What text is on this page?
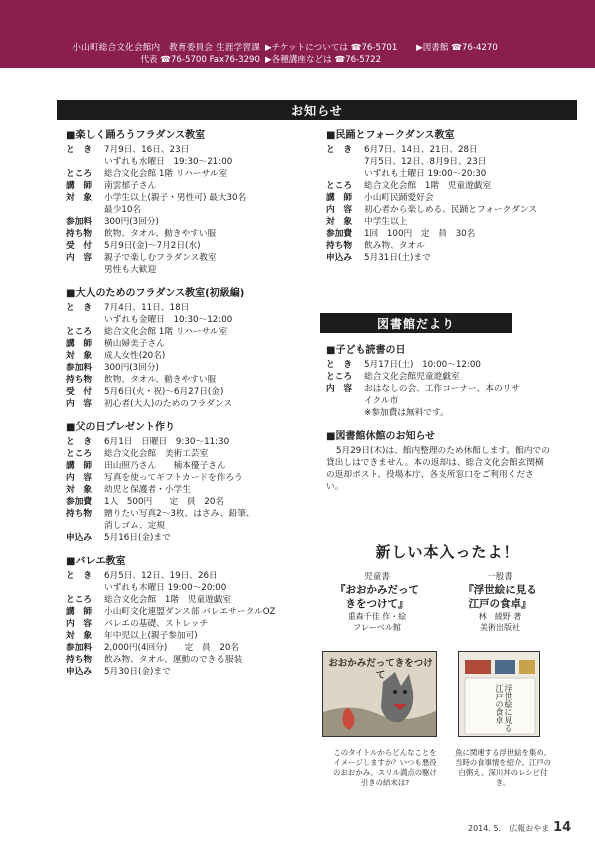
小山町総合文化会館内　教育委員会 生涯学習課
代表 ☎76-5700 Fax76-3290
▶チケットについては ☎76-5701 ▶図書館 ☎76-4270
▶各種講座などは ☎76-5722
お知らせ
■ 楽しく踊ろうフラダンス教室
と　き	7月9日、16日、23日
いずれも水曜日　19:30〜21:00
ところ	総合文化会館 1階 リハーサル室
講　師	南雲郁子さん
対　象	小学生以上(親子・男性可) 最大30名
最少10名
参加料	300円(3回分)
持ち物	飲物、タオル、動きやすい服
受　付	5月9日(金)〜7月2日(水)
内　容	親子で楽しむフラダンス教室
男性も大歓迎
■ 大人のためのフラダンス教室(初級編)
と　き	7月4日、11日、18日
いずれも金曜日　10:30〜12:00
ところ	総合文化会館 1階 リハーサル室
講　師	横山婦美子さん
対　象	成人女性(20名)
参加料	300円(3回分)
持ち物	飲物、タオル、動きやすい服
受　付	5月6日(火・祝)〜6月27日(金)
内　容	初心者(大人)のためのフラダンス
■ 父の日プレゼント作り
と　き	6月1日　日曜日　9:30〜11:30
ところ	総合文化会館　美術工芸室
講　師	田山照乃さん　　楠本優子さん
内　容	写真を使ってギフトカードを作ろう
対　象	幼児と保護者・小学生
参加費	1人　500円　　定　員　20名
持ち物	贈りたい写真2〜3枚、はさみ、鉛筆、
消しゴム、定規
申込み	5月16日(金)まで
■ バレエ教室
と　き	6月5日、12日、19日、26日
いずれも木曜日 19:00〜20:00
ところ	総合文化会館　1階　児童遊戯室
講　師	小山町文化連盟ダンス部 バレエサークルOZ
内　容	バレエの基礎、ストレッチ
対　象	年中児以上(親子参加可)
参加料	2,000円(4回分)　　定　員　20名
持ち物	飲み物、タオル、運動のできる服装
申込み	5月30日(金)まで
■ 民踊とフォークダンス教室
と　き	6月7日、14日、21日、28日
7月5日、12日、8月9日、23日
いずれも土曜日 19:00〜20:30
ところ	総合文化会館　1階　児童遊戯室
講　師	小山町民踊愛好会
内　容	初心者から楽しめる、民踊とフォークダンス
対　象	中学生以上
参加費	1回　100円　定　員　30名
持ち物	飲み物、タオル
申込み	5月31日(土)まで
図書館だより
■ 子ども読書の日
と　き	5月17日(土)　10:00〜12:00
ところ	総合文化会館児童遊戯室
内　容	おはなしの会、工作コーナー、本のリサ
イクル市
※参加費は無料です。
■ 図書館休館のお知らせ
5月29日(木)は、館内整理のため休館します。館内での貸出しはできません。本の返却は、総合文化会館玄関横の返却ポスト、役場本庁、各支所窓口をご利用ください。
新しい本入ったよ！
児童書
『おおかみだって
きをつけて』
重森千佳 作・絵
フレーベル館
一般書
『浮世絵に見る
江戸の食卓』
林　綾野 著
美術出版社
おおかみだってきをつけて
浮世絵に見る江戸の食卓
このタイトルからどんなことをイメージしますか？いつも悪役のおおかみ、スリル満点の駆け引きの結末は?
魚に関連する浮世絵を集め、当時の食事情を紹介。江戸の白粥え、深川丼のレシピ付き。
2014. 5.　広報おやま 14
